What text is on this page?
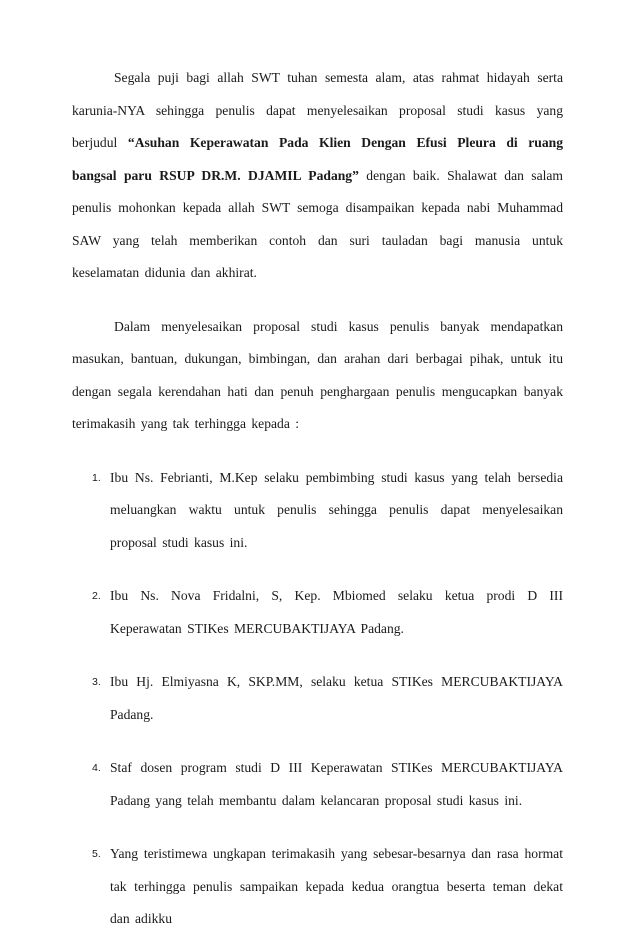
Segala puji bagi allah SWT tuhan semesta alam, atas rahmat hidayah serta karunia-NYA sehingga penulis dapat menyelesaikan proposal studi kasus yang berjudul “Asuhan Keperawatan Pada Klien Dengan Efusi Pleura di ruang bangsal paru RSUP DR.M. DJAMIL Padang” dengan baik. Shalawat dan salam penulis mohonkan kepada allah SWT semoga disampaikan kepada nabi Muhammad SAW yang telah memberikan contoh dan suri tauladan bagi manusia untuk keselamatan didunia dan akhirat.

Dalam menyelesaikan proposal studi kasus penulis banyak mendapatkan masukan, bantuan, dukungan, bimbingan, dan arahan dari berbagai pihak, untuk itu dengan segala kerendahan hati dan penuh penghargaan penulis mengucapkan banyak terimakasih yang tak terhingga kepada :

1. Ibu Ns. Febrianti, M.Kep selaku pembimbing studi kasus yang telah bersedia meluangkan waktu untuk penulis sehingga penulis dapat menyelesaikan proposal studi kasus ini.
2. Ibu Ns. Nova Fridalni, S, Kep. Mbiomed selaku ketua prodi D III Keperawatan STIKes MERCUBAKTIJAYA Padang.
3. Ibu Hj. Elmiyasna K, SKP.MM, selaku ketua STIKes MERCUBAKTIJAYA Padang.
4. Staf dosen program studi D III Keperawatan STIKes MERCUBAKTIJAYA Padang yang telah membantu dalam kelancaran proposal studi kasus ini.
5. Yang teristimewa ungkapan terimakasih yang sebesar-besarnya dan rasa hormat tak terhingga penulis sampaikan kepada kedua orangtua beserta teman dekat dan adikku
